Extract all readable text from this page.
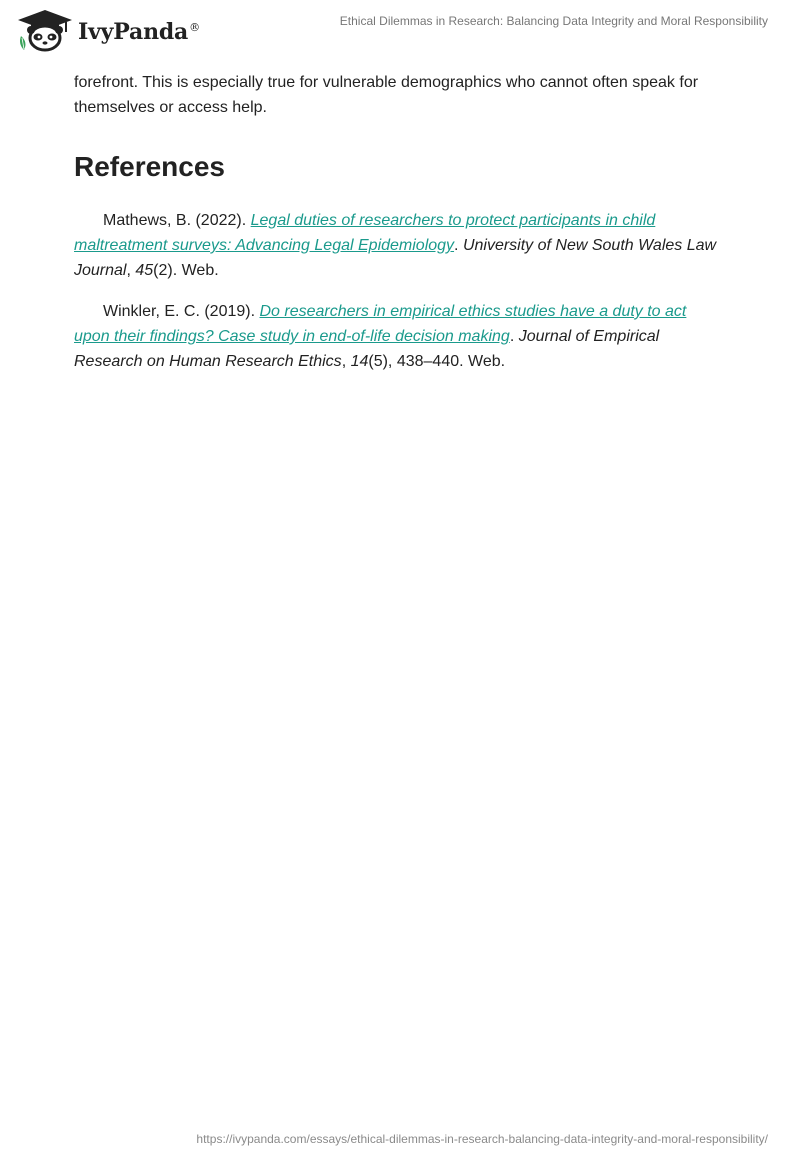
IvyPanda®	Ethical Dilemmas in Research: Balancing Data Integrity and Moral Responsibility

forefront. This is especially true for vulnerable demographics who cannot often speak for themselves or access help.

References

Mathews, B. (2022). Legal duties of researchers to protect participants in child maltreatment surveys: Advancing Legal Epidemiology. University of New South Wales Law Journal, 45(2). Web.

Winkler, E. C. (2019). Do researchers in empirical ethics studies have a duty to act upon their findings? Case study in end-of-life decision making. Journal of Empirical Research on Human Research Ethics, 14(5), 438–440. Web.

https://ivypanda.com/essays/ethical-dilemmas-in-research-balancing-data-integrity-and-moral-responsibility/
